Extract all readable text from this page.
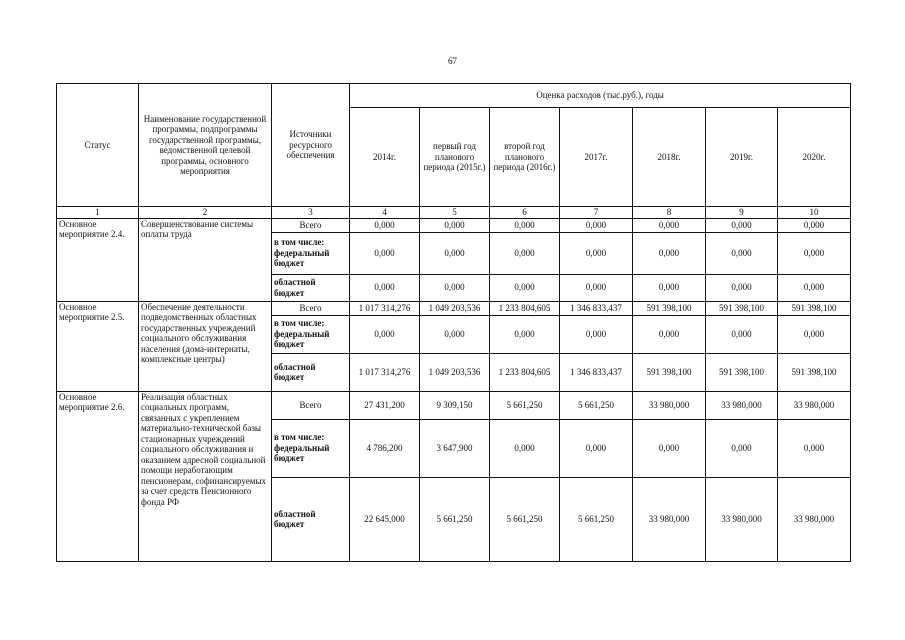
67
Статус	Наименование государственной программы, подпрограммы государственной программы, ведомственной целевой программы, основного мероприятия	Источники ресурсного обеспечения	Оценка расходов (тыс.руб.), годы						
			2014г.	первый год планового периода (2015г.)	второй год планового периода (2016г.)	2017г.	2018г.	2019г.	2020г.
1	2	3	4	5	6	7	8	9	10
Основное мероприятие 2.4.	Совершенствование системы оплаты труда	Всего	0,000	0,000	0,000	0,000	0,000	0,000	0,000
		в том числе: федеральный бюджет	0,000	0,000	0,000	0,000	0,000	0,000	0,000
		областной бюджет	0,000	0,000	0,000	0,000	0,000	0,000	0,000
Основное мероприятие 2.5.	Обеспечение деятельности подведомственных областных государственных учреждений социального обслуживания населения (дома-интернаты, комплексные центры)	Всего	1 017 314,276	1 049 203,536	1 233 804,605	1 346 833,437	591 398,100	591 398,100	591 398,100
		в том числе: федеральный бюджет	0,000	0,000	0,000	0,000	0,000	0,000	0,000
		областной бюджет	1 017 314,276	1 049 203,536	1 233 804,605	1 346 833,437	591 398,100	591 398,100	591 398,100
Основное мероприятие 2.6.	Реализация областных социальных программ, связанных с укреплением материально-технической базы стационарных учреждений социального обслуживания и оказанием адресной социальной помощи неработающим пенсионерам, софинансируемых за счет средств Пенсионного фонда РФ	Всего	27 431,200	9 309,150	5 661,250	5 661,250	33 980,000	33 980,000	33 980,000
		в том числе: федеральный бюджет	4 786,200	3 647,900	0,000	0,000	0,000	0,000	0,000
		областной бюджет	22 645,000	5 661,250	5 661,250	5 661,250	33 980,000	33 980,000	33 980,000
